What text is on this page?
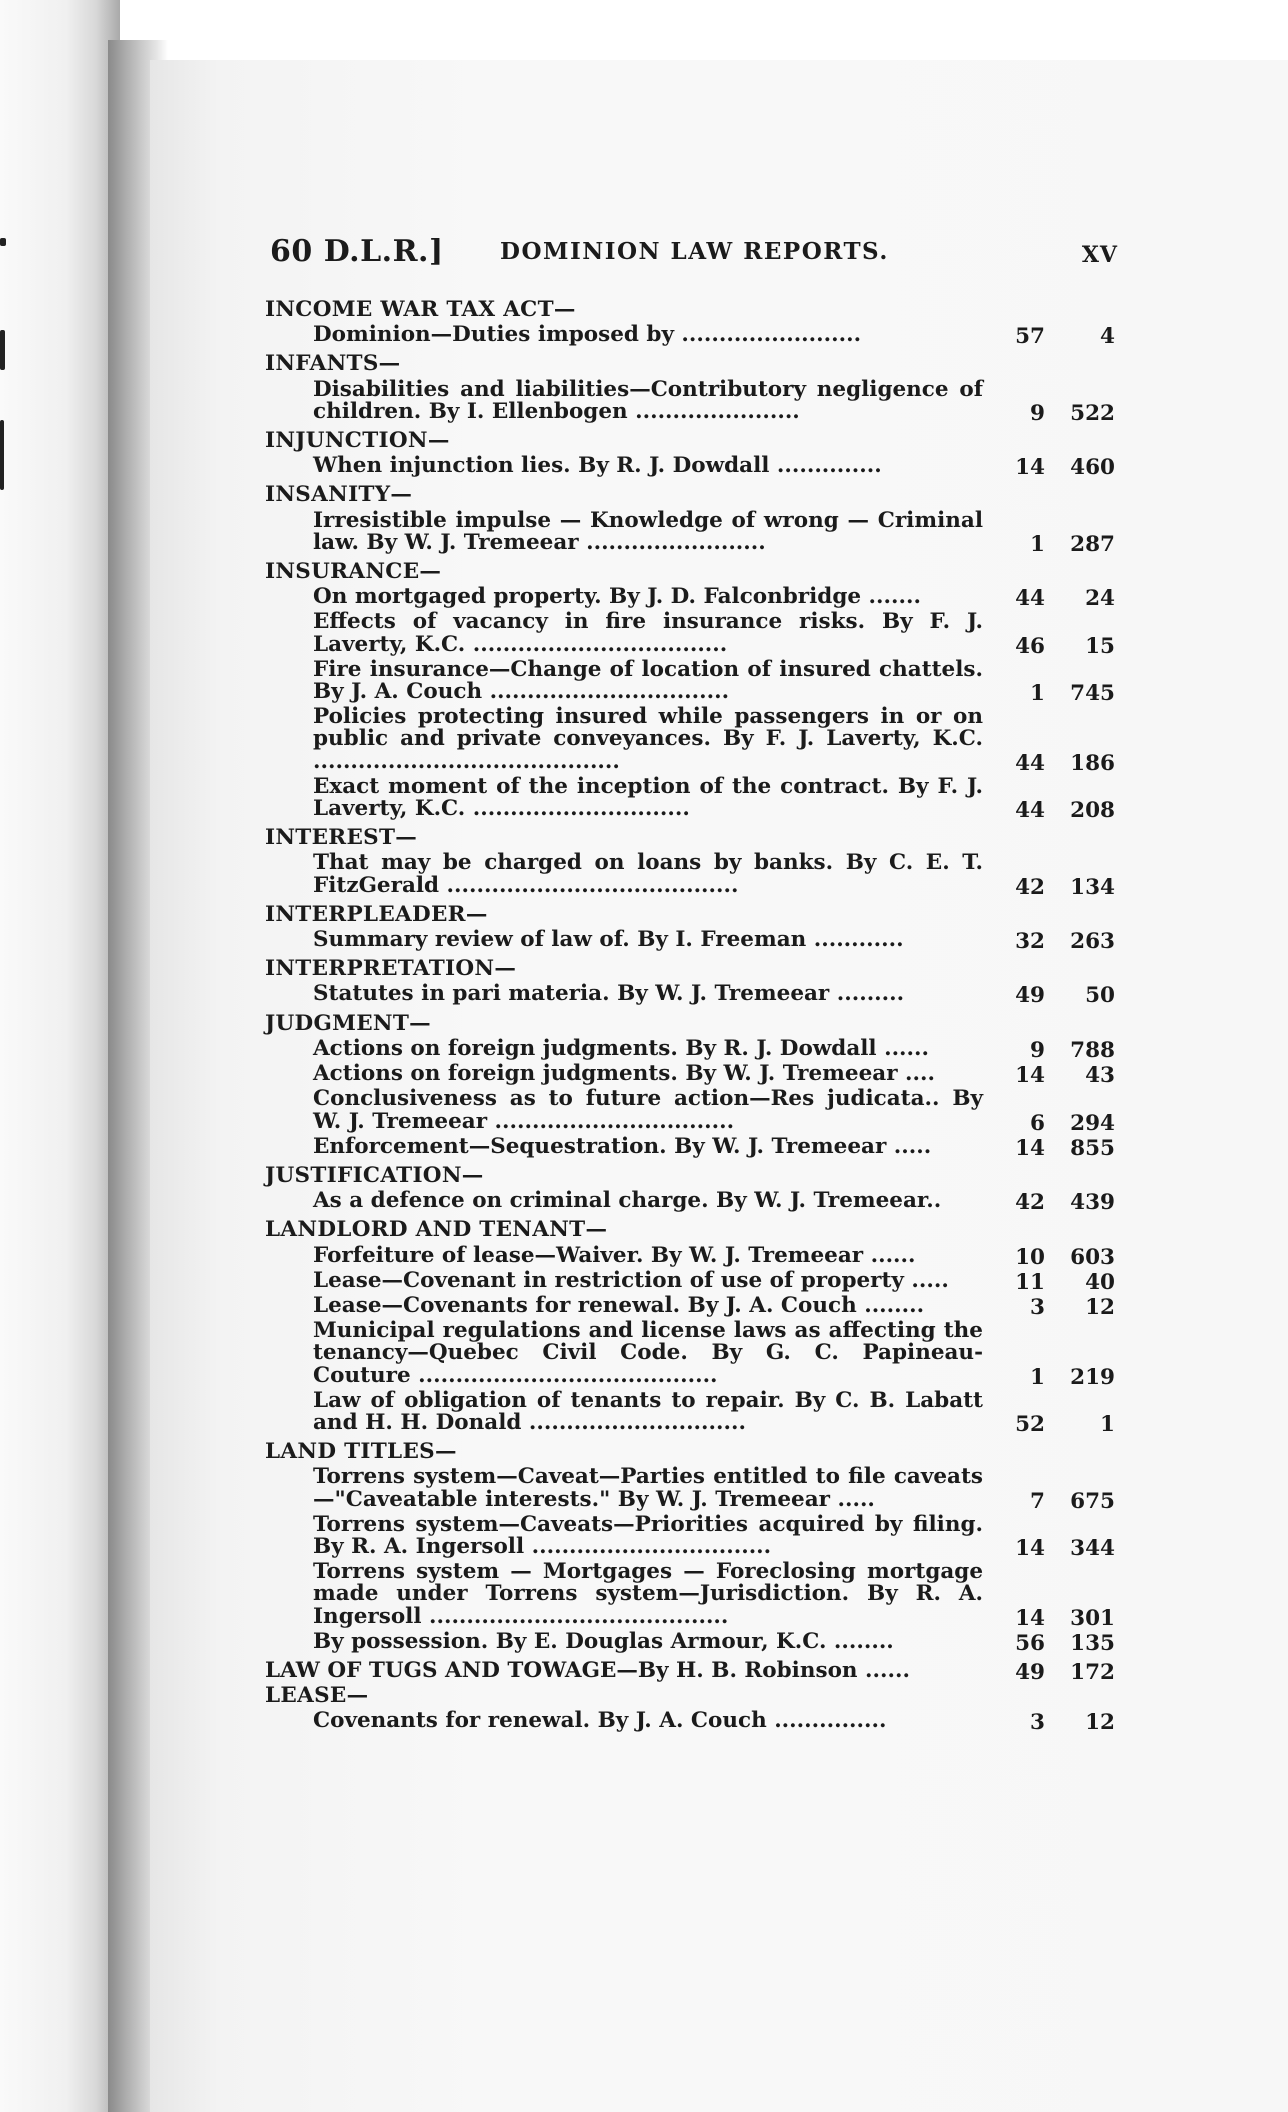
60 D.L.R.] DOMINION LAW REPORTS.	XV
INCOME WAR TAX ACT—
Dominion—Duties imposed by ........................	57	4
INFANTS—
Disabilities and liabilities—Contributory negligence of children. By I. Ellenbogen ......................	9	522
INJUNCTION—
When injunction lies. By R. J. Dowdall ..............	14	460
INSANITY—
Irresistible impulse — Knowledge of wrong — Criminal law. By W. J. Tremeear ........................	1	287
INSURANCE—
On mortgaged property. By J. D. Falconbridge .......	44	24
Effects of vacancy in fire insurance risks. By F. J. Laverty, K.C. ..................................	46	15
Fire insurance—Change of location of insured chattels. By J. A. Couch ................................	1	745
Policies protecting insured while passengers in or on public and private conveyances. By F. J. Laverty, K.C. .........................................	44	186
Exact moment of the inception of the contract. By F. J. Laverty, K.C. .............................	44	208
INTEREST—
That may be charged on loans by banks. By C. E. T. FitzGerald .......................................	42	134
INTERPLEADER—
Summary review of law of. By I. Freeman ............	32	263
INTERPRETATION—
Statutes in pari materia. By W. J. Tremeear .........	49	50
JUDGMENT—
Actions on foreign judgments. By R. J. Dowdall ......	9	788
Actions on foreign judgments. By W. J. Tremeear ....	14	43
Conclusiveness as to future action—Res judicata.. By W. J. Tremeear ................................	6	294
Enforcement—Sequestration. By W. J. Tremeear .....	14	855
JUSTIFICATION—
As a defence on criminal charge. By W. J. Tremeear..	42	439
LANDLORD AND TENANT—
Forfeiture of lease—Waiver. By W. J. Tremeear ......	10	603
Lease—Covenant in restriction of use of property .....	11	40
Lease—Covenants for renewal. By J. A. Couch ........	3	12
Municipal regulations and license laws as affecting the tenancy—Quebec Civil Code. By G. C. Papineau-Couture ........................................	1	219
Law of obligation of tenants to repair. By C. B. Labatt and H. H. Donald .............................	52	1
LAND TITLES—
Torrens system—Caveat—Parties entitled to file caveats —"Caveatable interests." By W. J. Tremeear .....	7	675
Torrens system—Caveats—Priorities acquired by filing. By R. A. Ingersoll ................................	14	344
Torrens system — Mortgages — Foreclosing mortgage made under Torrens system—Jurisdiction. By R. A. Ingersoll ........................................	14	301
By possession. By E. Douglas Armour, K.C. ........	56	135
LAW OF TUGS AND TOWAGE—By H. B. Robinson ......	49	172
LEASE—
Covenants for renewal. By J. A. Couch ...............	3	12
